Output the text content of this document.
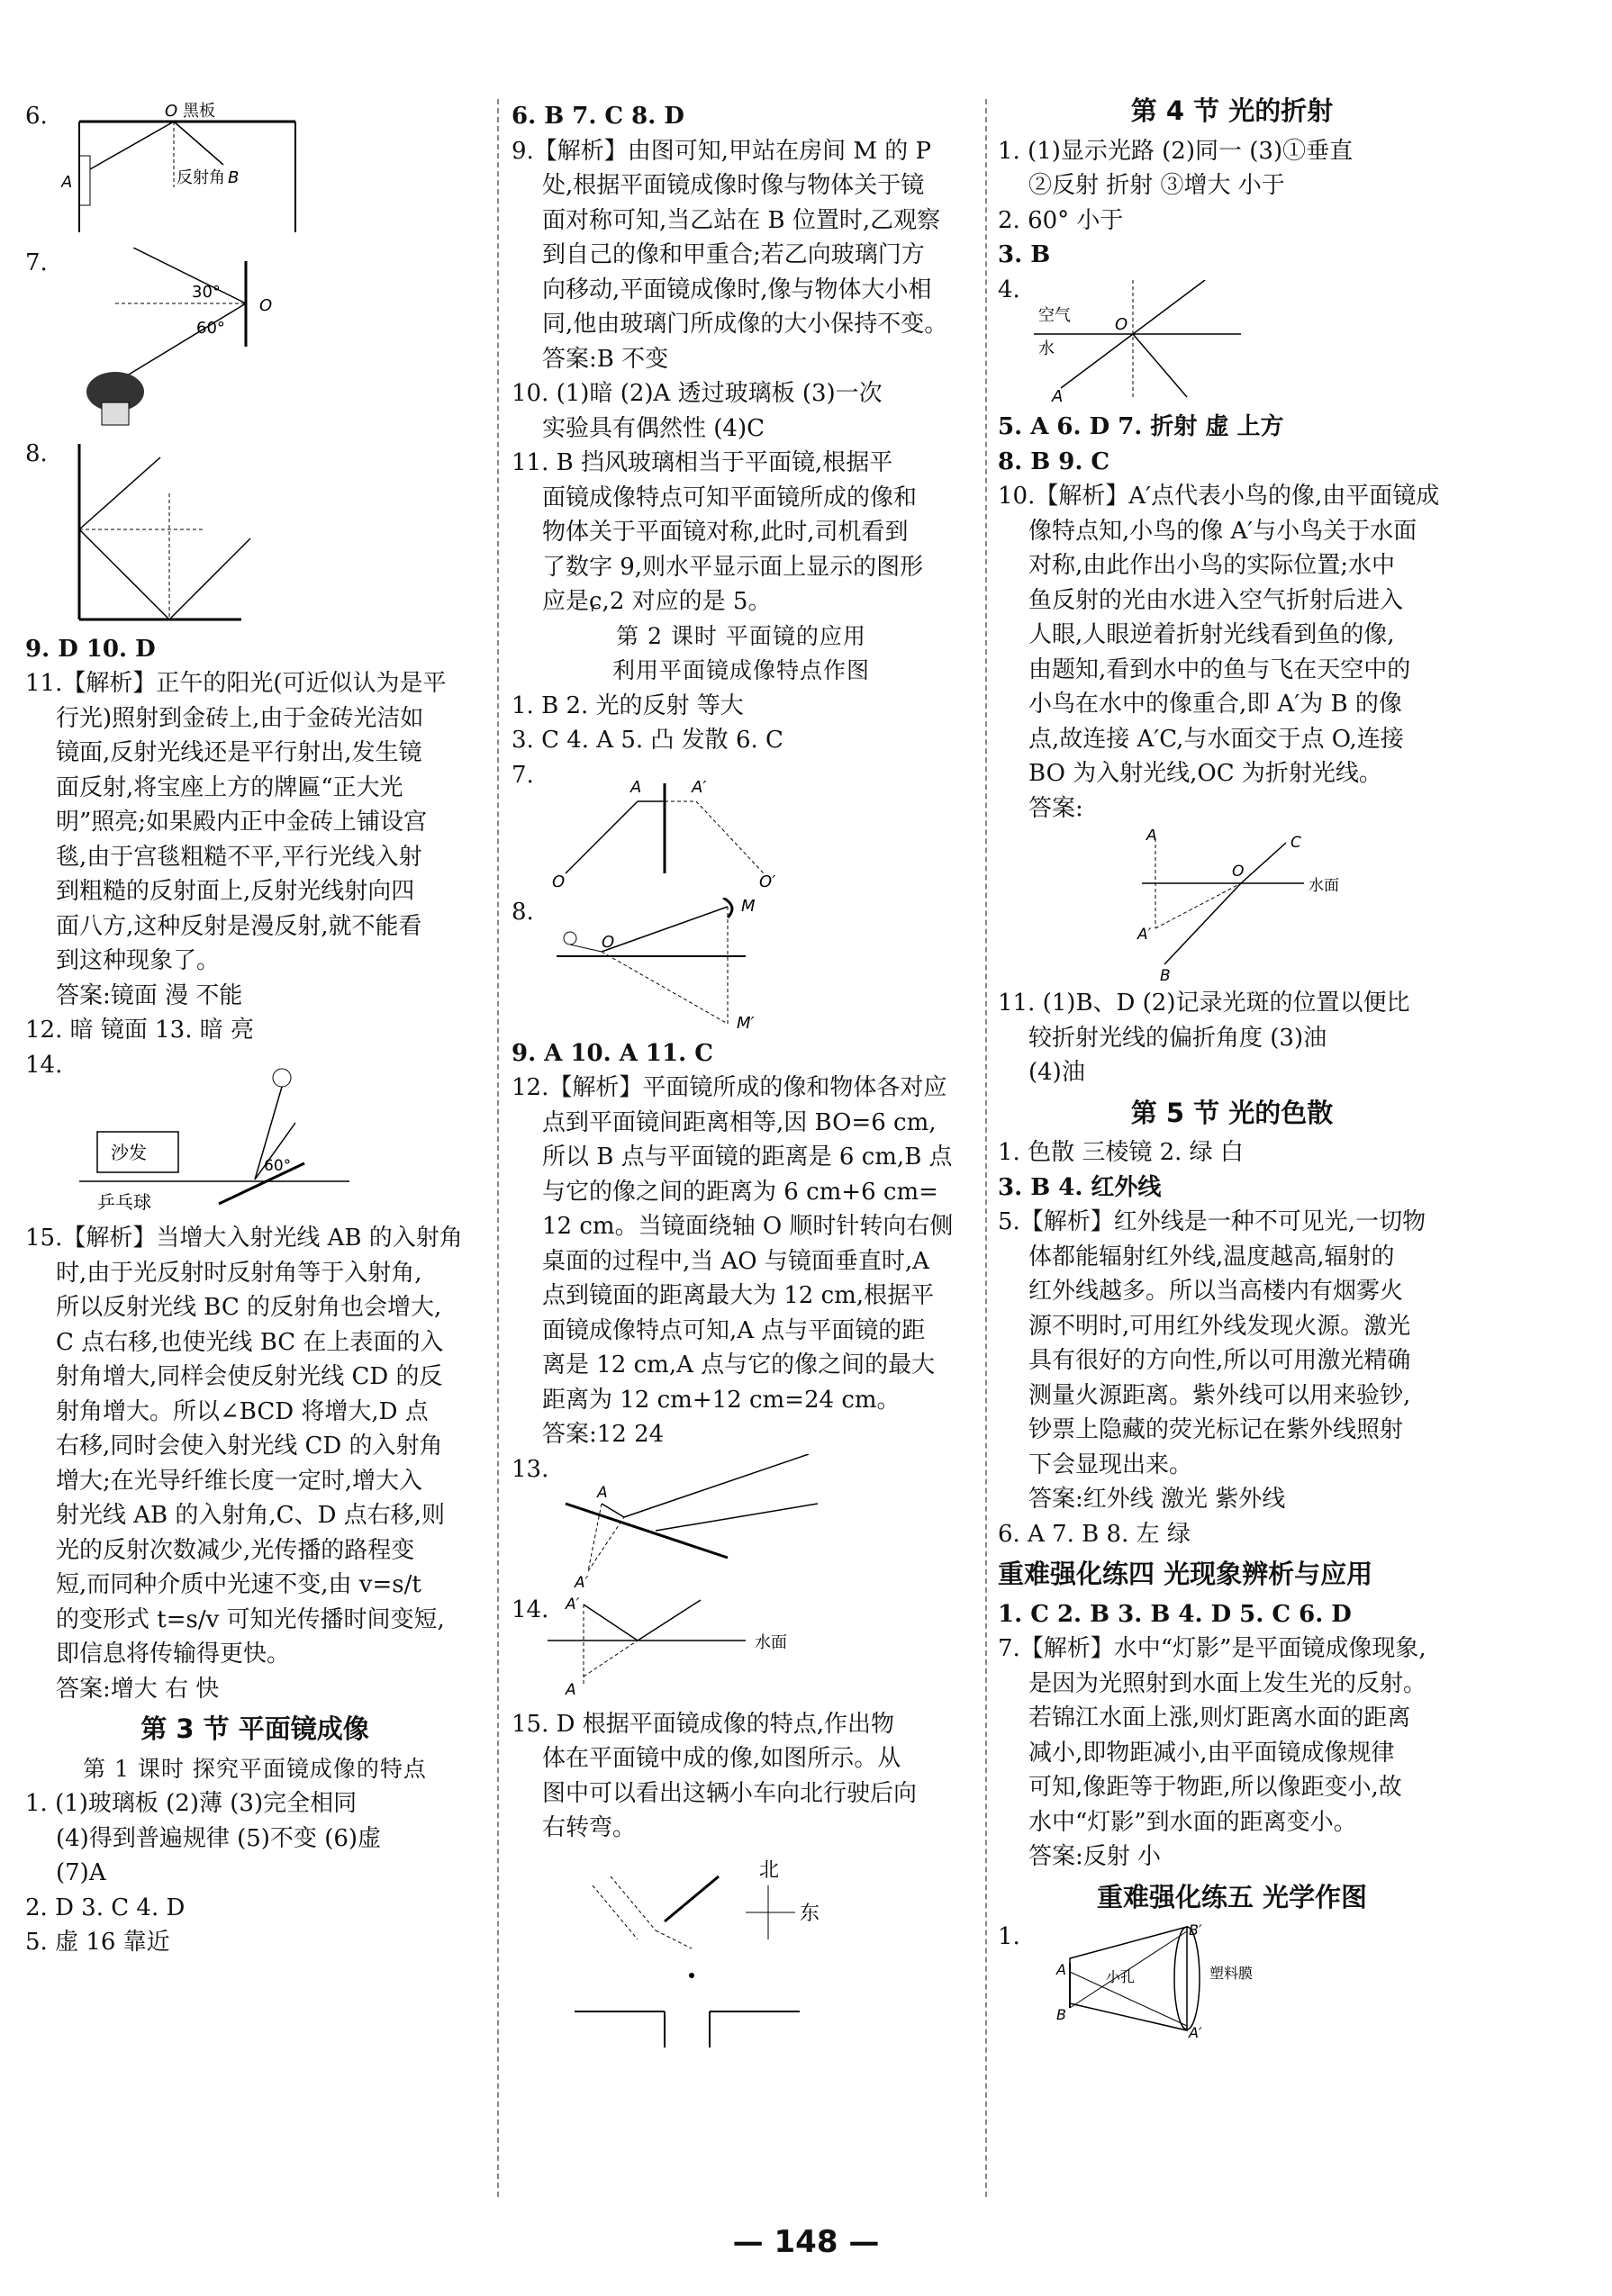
6.	O 黑板
A	反射角 B

7.

30°
60°
O

8.

9. D 10. D

11.【解析】正午的阳光(可近似认为是平

行光)照射到金砖上,由于金砖光洁如

镜面,反射光线还是平行射出,发生镜

面反射,将宝座上方的牌匾“正大光

明”照亮;如果殿内正中金砖上铺设宫

毯,由于宫毯粗糙不平,平行光线入射

到粗糙的反射面上,反射光线射向四

面八方,这种反射是漫反射,就不能看

到这种现象了。

答案:镜面 漫 不能

12. 暗 镜面 13. 暗 亮

14.

沙发
60°
乒乓球

15.【解析】当增大入射光线 AB 的入射角

时,由于光反射时反射角等于入射角,

所以反射光线 BC 的反射角也会增大,

C 点右移,也使光线 BC 在上表面的入

射角增大,同样会使反射光线 CD 的反

射角增大。所以∠BCD 将增大,D 点

右移,同时会使入射光线 CD 的入射角

增大;在光导纤维长度一定时,增大入

射光线 AB 的入射角,C、D 点右移,则

光的反射次数减少,光传播的路程变

短,而同种介质中光速不变,由 v=s/t

的变形式 t=s/v 可知光传播时间变短,

即信息将传输得更快。

答案:增大 右 快

第 3 节 平面镜成像

第 1 课时 探究平面镜成像的特点

1. (1)玻璃板 (2)薄 (3)完全相同

(4)得到普遍规律 (5)不变 (6)虚

(7)A

2. D 3. C 4. D

5. 虚 16 靠近

6. B 7. C 8. D

9.【解析】由图可知,甲站在房间 M 的 P

处,根据平面镜成像时像与物体关于镜

面对称可知,当乙站在 B 位置时,乙观察

到自己的像和甲重合;若乙向玻璃门方

向移动,平面镜成像时,像与物体大小相

同,他由玻璃门所成像的大小保持不变。

答案:B 不变

10. (1)暗 (2)A 透过玻璃板 (3)一次

实验具有偶然性 (4)C

11. B 挡风玻璃相当于平面镜,根据平

面镜成像特点可知平面镜所成的像和

物体关于平面镜对称,此时,司机看到

了数字 9,则水平显示面上显示的图形

应是ɕ,2 对应的是 5。

第 2 课时 平面镜的应用

利用平面镜成像特点作图

1. B 2. 光的反射 等大

3. C 4. A 5. 凸 发散 6. C

7.	A	A′
O	O′

8.

O
M
M′

9. A 10. A 11. C

12.【解析】平面镜所成的像和物体各对应

点到平面镜间距离相等,因 BO=6 cm,

所以 B 点与平面镜的距离是 6 cm,B 点

与它的像之间的距离为 6 cm+6 cm=

12 cm。当镜面绕轴 O 顺时针转向右侧

桌面的过程中,当 AO 与镜面垂直时,A

点到镜面的距离最大为 12 cm,根据平

面镜成像特点可知,A 点与平面镜的距

离是 12 cm,A 点与它的像之间的最大

距离为 12 cm+12 cm=24 cm。

答案:12 24

13.

A
A′

14.	A′
A
水面

15. D 根据平面镜成像的特点,作出物

体在平面镜中成的像,如图所示。从

图中可以看出这辆小车向北行驶后向

右转弯。

北
东

第 4 节 光的折射

1. (1)显示光路 (2)同一 (3)①垂直

②反射 折射 ③增大 小于

2. 60° 小于

3. B

4.

空气
水
O
A

5. A 6. D 7. 折射 虚 上方

8. B 9. C

10.【解析】A′点代表小鸟的像,由平面镜成

像特点知,小鸟的像 A′与小鸟关于水面

对称,由此作出小鸟的实际位置;水中

鱼反射的光由水进入空气折射后进入

人眼,人眼逆着折射光线看到鱼的像,

由题知,看到水中的鱼与飞在天空中的

小鸟在水中的像重合,即 A′为 B 的像

点,故连接 A′C,与水面交于点 O,连接

BO 为入射光线,OC 为折射光线。

答案:

A
O
C
水面
A′
B

11. (1)B、D (2)记录光斑的位置以便比

较折射光线的偏折角度 (3)油

(4)油

第 5 节 光的色散

1. 色散 三棱镜 2. 绿 白

3. B 4. 红外线

5.【解析】红外线是一种不可见光,一切物

体都能辐射红外线,温度越高,辐射的

红外线越多。所以当高楼内有烟雾火

源不明时,可用红外线发现火源。激光

具有很好的方向性,所以可用激光精确

测量火源距离。紫外线可以用来验钞,

钞票上隐藏的荧光标记在紫外线照射

下会显现出来。

答案:红外线 激光 紫外线

6. A 7. B 8. 左 绿

重难强化练四 光现象辨析与应用

1. C 2. B 3. B 4. D 5. C 6. D

7.【解析】水中“灯影”是平面镜成像现象,

是因为光照射到水面上发生光的反射。

若锦江水面上涨,则灯距离水面的距离

减小,即物距减小,由平面镜成像规律

可知,像距等于物距,所以像距变小,故

水中“灯影”到水面的距离变小。

答案:反射 小

重难强化练五 光学作图

1.	B′
A	小孔
B
A′
塑料膜
— 148 —
